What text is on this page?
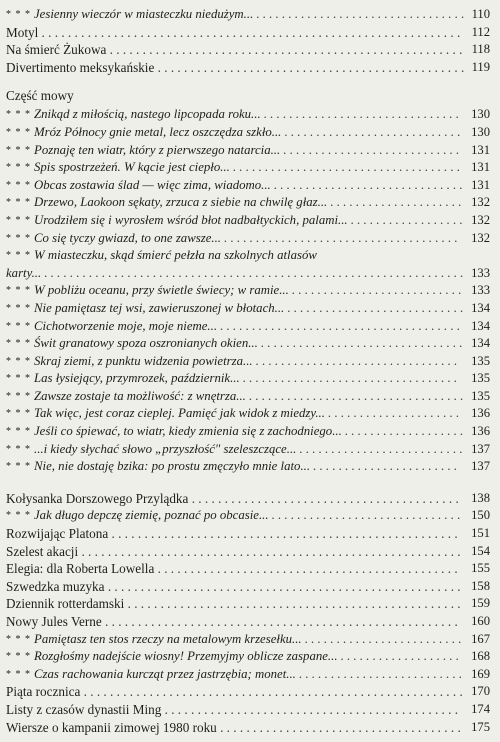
* * * Jesienny wieczór w miasteczku niedużym... . . . . . . . . . . . . . . . . . . . . . . . . . . . . . . . . . 110
Motyl . . . . . . . . . . . . . . . . . . . . . . . . . . . . . . . . . . . . . . . . . . . . . . . . . . . . . . . . . . . . . . . . 112
Na śmierć Żukowa . . . . . . . . . . . . . . . . . . . . . . . . . . . . . . . . . . . . . . . . . . . . . . . . . . . . . . 118
Divertimento meksykańskie . . . . . . . . . . . . . . . . . . . . . . . . . . . . . . . . . . . . . . . . . . . . . . . 119
Część mowy
* * * Znikąd z miłością, nastego lipcopada roku... . . . . . . . . . . . . . . . . . . . . . . . . . . . . . . . 130
* * * Mróz Północy gnie metal, lecz oszczędza szkło... . . . . . . . . . . . . . . . . . . . . . . . . . . . . 130
* * * Poznaję ten wiatr, który z pierwszego natarcia... . . . . . . . . . . . . . . . . . . . . . . . . . . . . 131
* * * Spis spostrzeżeń. W kącie jest ciepło... . . . . . . . . . . . . . . . . . . . . . . . . . . . . . . . . . . . . 131
* * * Obcas zostawia ślad — więc zima, wiadomo... . . . . . . . . . . . . . . . . . . . . . . . . . . . . . . 131
* * * Drzewo, Laokoon sękaty, zrzuca z siebie na chwilę głaz... . . . . . . . . . . . . . . . . . . . . . 132
* * * Urodziłem się i wyrosłem wśród błot nadbałtyckich, palami... . . . . . . . . . . . . . . . . . . 132
* * * Co się tyczy gwiazd, to one zawsze... . . . . . . . . . . . . . . . . . . . . . . . . . . . . . . . . . . . . . 132
* * * W miasteczku, skąd śmierć pełzła na szkolnych atlasów
karty... . . . . . . . . . . . . . . . . . . . . . . . . . . . . . . . . . . . . . . . . . . . . . . . . . . . . . . . . . . . . . . . . . . 133
* * * W pobliżu oceanu, przy świetle świecy; w ramie... . . . . . . . . . . . . . . . . . . . . . . . . . . . 133
* * * Nie pamiętasz tej wsi, zawieruszonej w błotach... . . . . . . . . . . . . . . . . . . . . . . . . . . . . 134
* * * Cichotworzenie moje, moje nieme... . . . . . . . . . . . . . . . . . . . . . . . . . . . . . . . . . . . . . . 134
* * * Świt granatowy spoza oszronianych okien... . . . . . . . . . . . . . . . . . . . . . . . . . . . . . . . . 134
* * * Skraj ziemi, z punktu widzenia powietrza... . . . . . . . . . . . . . . . . . . . . . . . . . . . . . . . . 135
* * * Las łysiejący, przymrozek, październik... . . . . . . . . . . . . . . . . . . . . . . . . . . . . . . . . . . 135
* * * Zawsze zostaje ta możliwość: z wnętrza... . . . . . . . . . . . . . . . . . . . . . . . . . . . . . . . . . . 135
* * * Tak więc, jest coraz cieplej. Pamięć jak widok z miedzy... . . . . . . . . . . . . . . . . . . . . . 136
* * * Jeśli co śpiewać, to wiatr, kiedy zmienia się z zachodniego... . . . . . . . . . . . . . . . . . . . 136
* * * ...i kiedy słychać słowo „przyszłość" szeleszczące... . . . . . . . . . . . . . . . . . . . . . . . . . . 137
* * * Nie, nie dostaję bzika: po prostu zmęczyło mnie lato... . . . . . . . . . . . . . . . . . . . . . . . 137
Kołysanka Dorszowego Przylądka . . . . . . . . . . . . . . . . . . . . . . . . . . . . . . . . . . . . . . . . . 138
* * * Jak długo depczę ziemię, poznać po obcasie... . . . . . . . . . . . . . . . . . . . . . . . . . . . . . . 150
Rozwijając Platona . . . . . . . . . . . . . . . . . . . . . . . . . . . . . . . . . . . . . . . . . . . . . . . . . . . . . 151
Szelest akacji . . . . . . . . . . . . . . . . . . . . . . . . . . . . . . . . . . . . . . . . . . . . . . . . . . . . . . . . . . 154
Elegia: dla Roberta Lowella . . . . . . . . . . . . . . . . . . . . . . . . . . . . . . . . . . . . . . . . . . . . . . 155
Szwedzka muzyka . . . . . . . . . . . . . . . . . . . . . . . . . . . . . . . . . . . . . . . . . . . . . . . . . . . . . . 158
Dziennik rotterdamski . . . . . . . . . . . . . . . . . . . . . . . . . . . . . . . . . . . . . . . . . . . . . . . . . . . 159
Nowy Jules Verne . . . . . . . . . . . . . . . . . . . . . . . . . . . . . . . . . . . . . . . . . . . . . . . . . . . . . . 160
* * * Pamiętasz ten stos rzeczy na metalowym krzesełku... . . . . . . . . . . . . . . . . . . . . . . . . . 167
* * * Rozgłośmy nadejście wiosny! Przemyjmy oblicze zaspane... . . . . . . . . . . . . . . . . . . . 168
* * * Czas rachowania kurcząt przez jastrzębia; monet... . . . . . . . . . . . . . . . . . . . . . . . . . . 169
Piąta rocznica . . . . . . . . . . . . . . . . . . . . . . . . . . . . . . . . . . . . . . . . . . . . . . . . . . . . . . . . . . 170
Listy z czasów dynastii Ming . . . . . . . . . . . . . . . . . . . . . . . . . . . . . . . . . . . . . . . . . . . . . 174
Wiersze o kampanii zimowej 1980 roku . . . . . . . . . . . . . . . . . . . . . . . . . . . . . . . . . . . . . 175
